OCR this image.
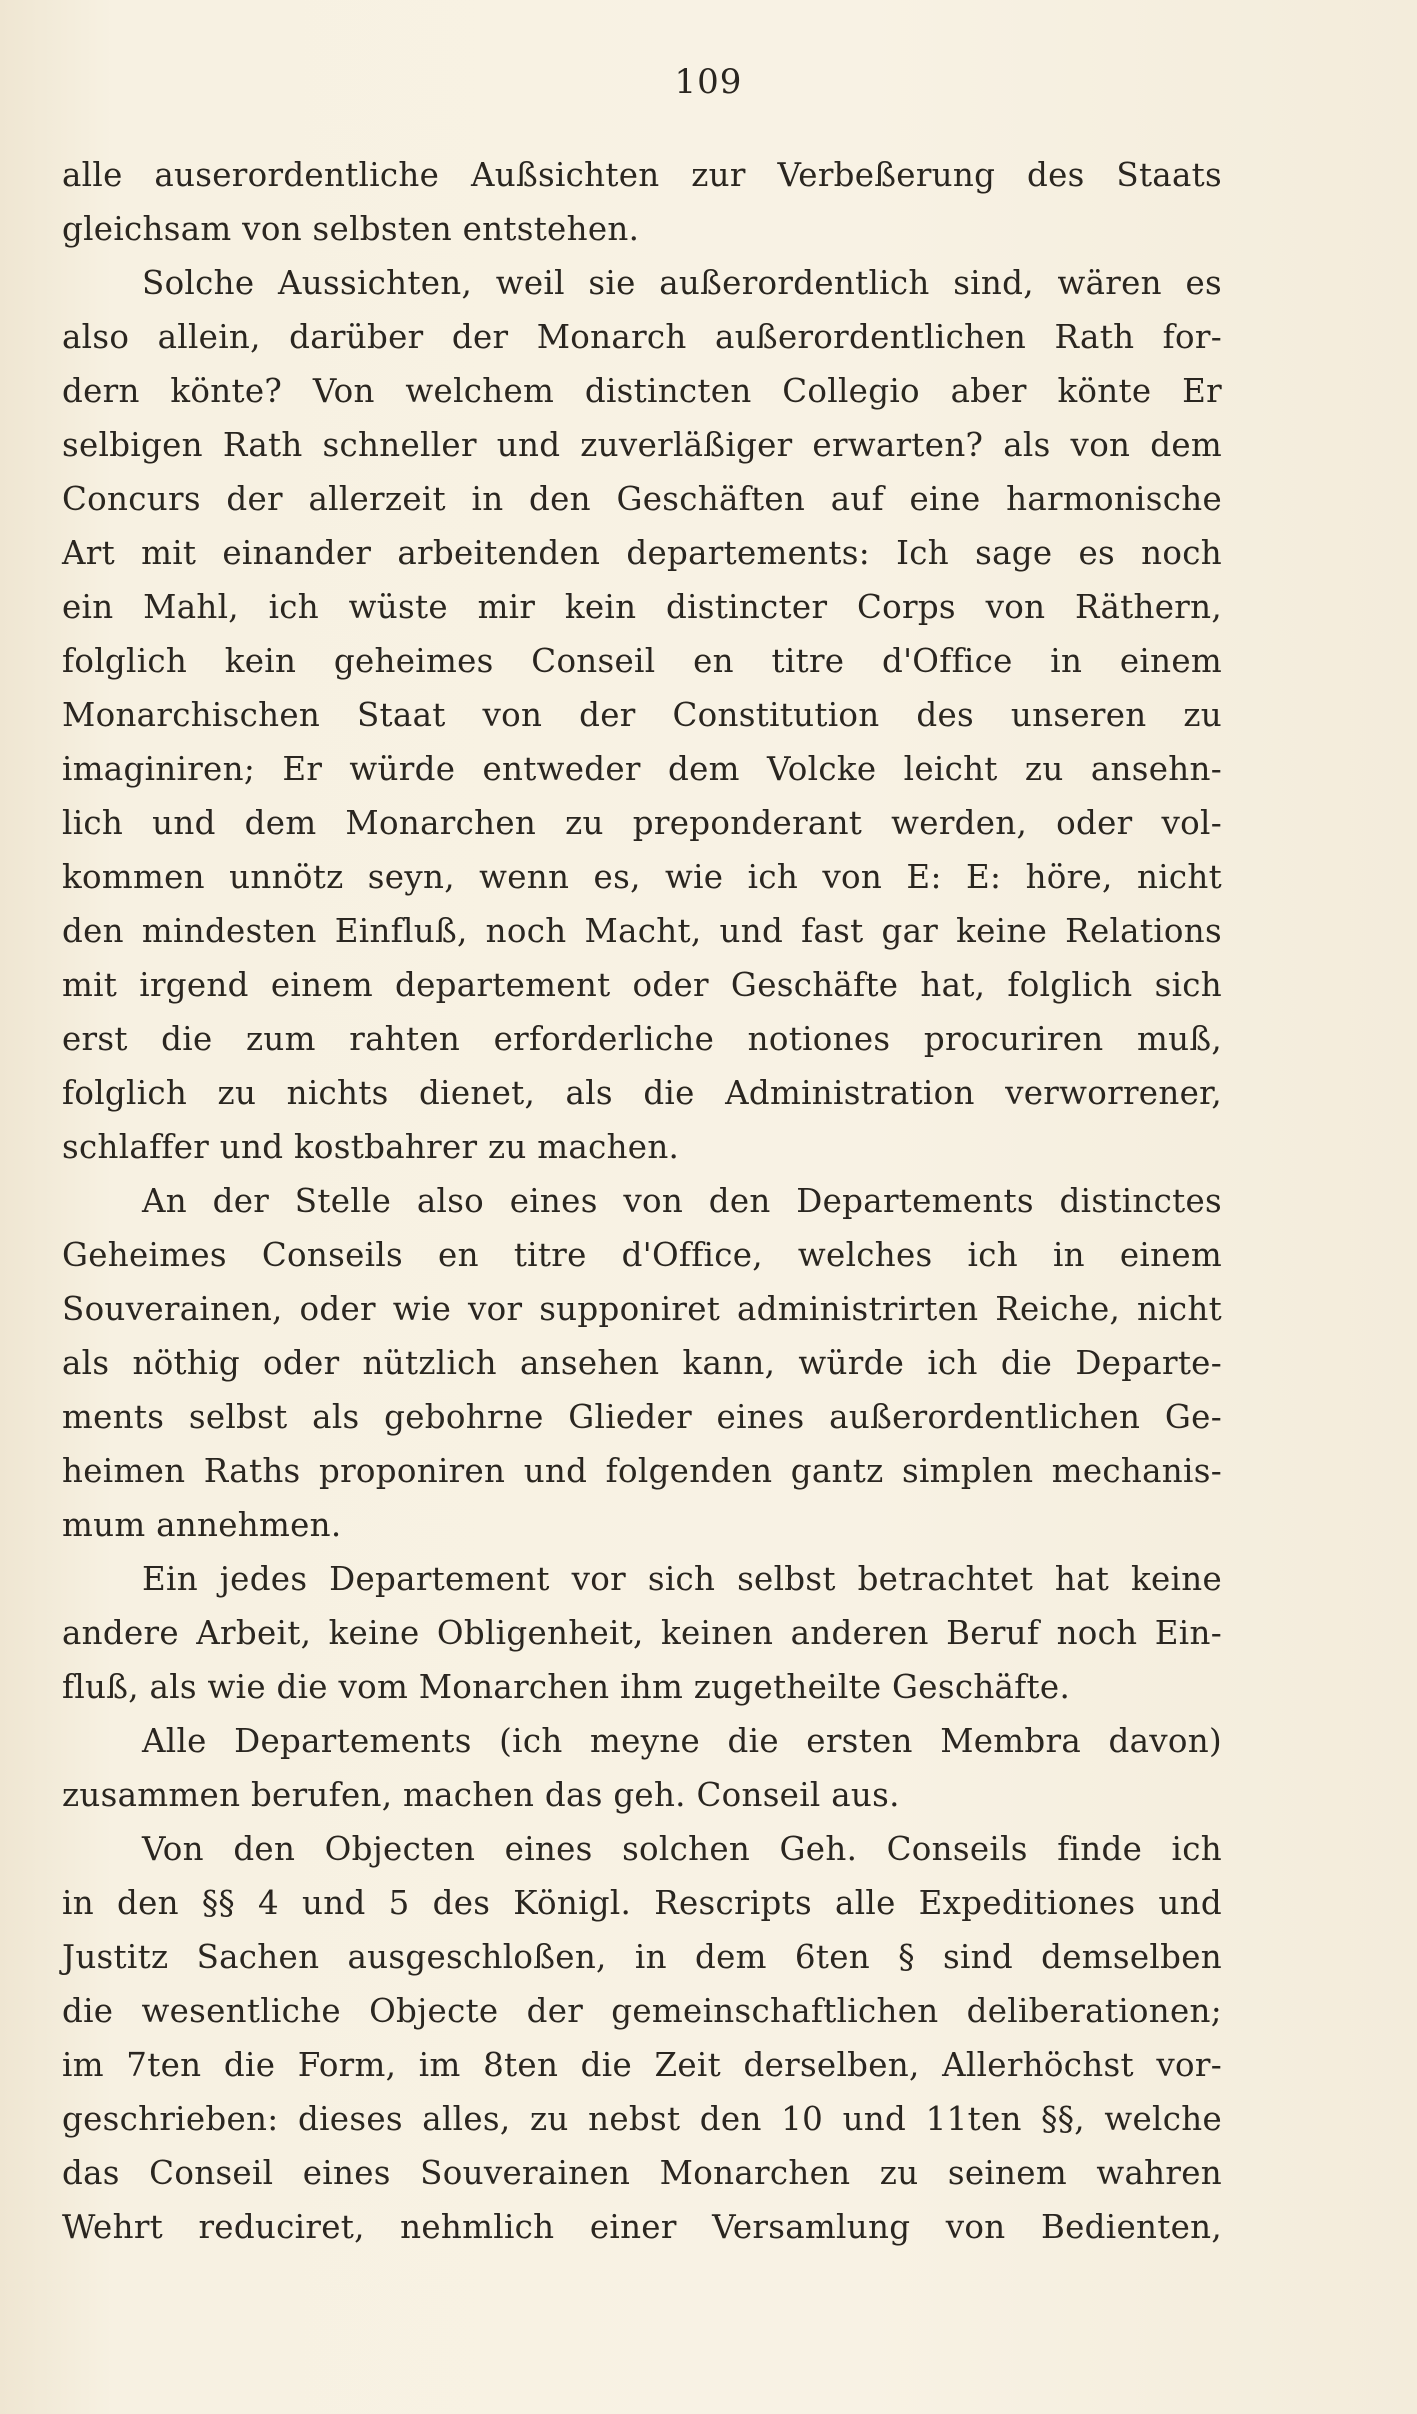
109
alle auserordentliche Außsichten zur Verbeßerung des Staats
gleichsam von selbsten entstehen.
Solche Aussichten, weil sie außerordentlich sind, wären es
also allein, darüber der Monarch außerordentlichen Rath for-
dern könte? Von welchem distincten Collegio aber könte Er
selbigen Rath schneller und zuverläßiger erwarten? als von dem
Concurs der allerzeit in den Geschäften auf eine harmonische
Art mit einander arbeitenden departements: Ich sage es noch
ein Mahl, ich wüste mir kein distincter Corps von Räthern,
folglich kein geheimes Conseil en titre d'Office in einem
Monarchischen Staat von der Constitution des unseren zu
imaginiren; Er würde entweder dem Volcke leicht zu ansehn-
lich und dem Monarchen zu preponderant werden, oder vol-
kommen unnötz seyn, wenn es, wie ich von E: E: höre, nicht
den mindesten Einfluß, noch Macht, und fast gar keine Relations
mit irgend einem departement oder Geschäfte hat, folglich sich
erst die zum rahten erforderliche notiones procuriren muß,
folglich zu nichts dienet, als die Administration verworrener,
schlaffer und kostbahrer zu machen.
An der Stelle also eines von den Departements distinctes
Geheimes Conseils en titre d'Office, welches ich in einem
Souverainen, oder wie vor supponiret administrirten Reiche, nicht
als nöthig oder nützlich ansehen kann, würde ich die Departe-
ments selbst als gebohrne Glieder eines außerordentlichen Ge-
heimen Raths proponiren und folgenden gantz simplen mechanis-
mum annehmen.
Ein jedes Departement vor sich selbst betrachtet hat keine
andere Arbeit, keine Obligenheit, keinen anderen Beruf noch Ein-
fluß, als wie die vom Monarchen ihm zugetheilte Geschäfte.
Alle Departements (ich meyne die ersten Membra davon)
zusammen berufen, machen das geh. Conseil aus.
Von den Objecten eines solchen Geh. Conseils finde ich
in den §§ 4 und 5 des Königl. Rescripts alle Expeditiones und
Justitz Sachen ausgeschloßen, in dem 6ten § sind demselben
die wesentliche Objecte der gemeinschaftlichen deliberationen;
im 7ten die Form, im 8ten die Zeit derselben, Allerhöchst vor-
geschrieben: dieses alles, zu nebst den 10 und 11ten §§, welche
das Conseil eines Souverainen Monarchen zu seinem wahren
Wehrt reduciret, nehmlich einer Versamlung von Bedienten,
